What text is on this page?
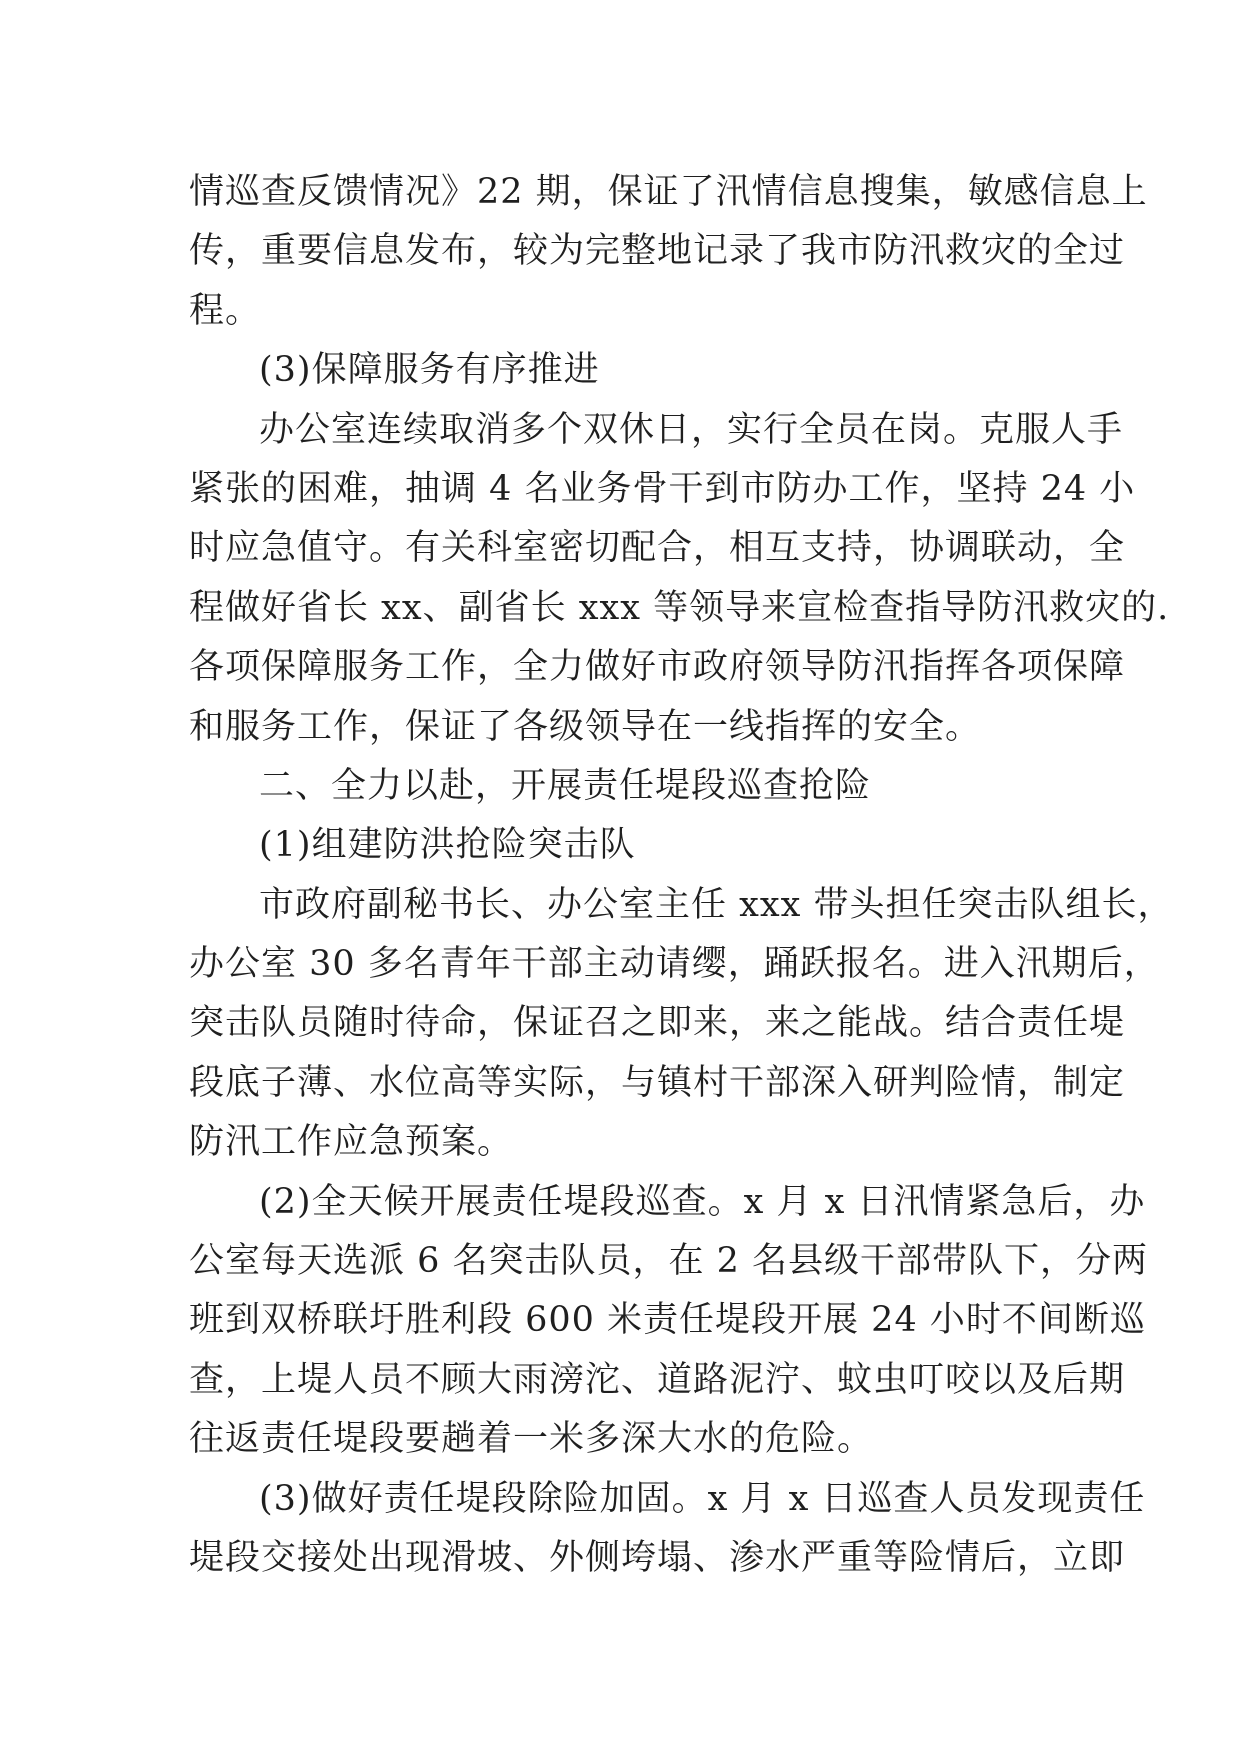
情巡查反馈情况》22 期，保证了汛情信息搜集，敏感信息上
传，重要信息发布，较为完整地记录了我市防汛救灾的全过
程。
(3)保障服务有序推进
办公室连续取消多个双休日，实行全员在岗。克服人手
紧张的困难，抽调 4 名业务骨干到市防办工作，坚持 24 小
时应急值守。有关科室密切配合，相互支持，协调联动，全
程做好省长 xx、副省长 xxx 等领导来宣检查指导防汛救灾的.
各项保障服务工作，全力做好市政府领导防汛指挥各项保障
和服务工作，保证了各级领导在一线指挥的安全。
二、全力以赴，开展责任堤段巡查抢险
(1)组建防洪抢险突击队
市政府副秘书长、办公室主任 xxx 带头担任突击队组长，
办公室 30 多名青年干部主动请缨，踊跃报名。进入汛期后，
突击队员随时待命，保证召之即来，来之能战。结合责任堤
段底子薄、水位高等实际，与镇村干部深入研判险情，制定
防汛工作应急预案。
(2)全天候开展责任堤段巡查。x 月 x 日汛情紧急后，办
公室每天选派 6 名突击队员，在 2 名县级干部带队下，分两
班到双桥联圩胜利段 600 米责任堤段开展 24 小时不间断巡
查，上堤人员不顾大雨滂沱、道路泥泞、蚊虫叮咬以及后期
往返责任堤段要趟着一米多深大水的危险。
(3)做好责任堤段除险加固。x 月 x 日巡查人员发现责任
堤段交接处出现滑坡、外侧垮塌、渗水严重等险情后，立即
